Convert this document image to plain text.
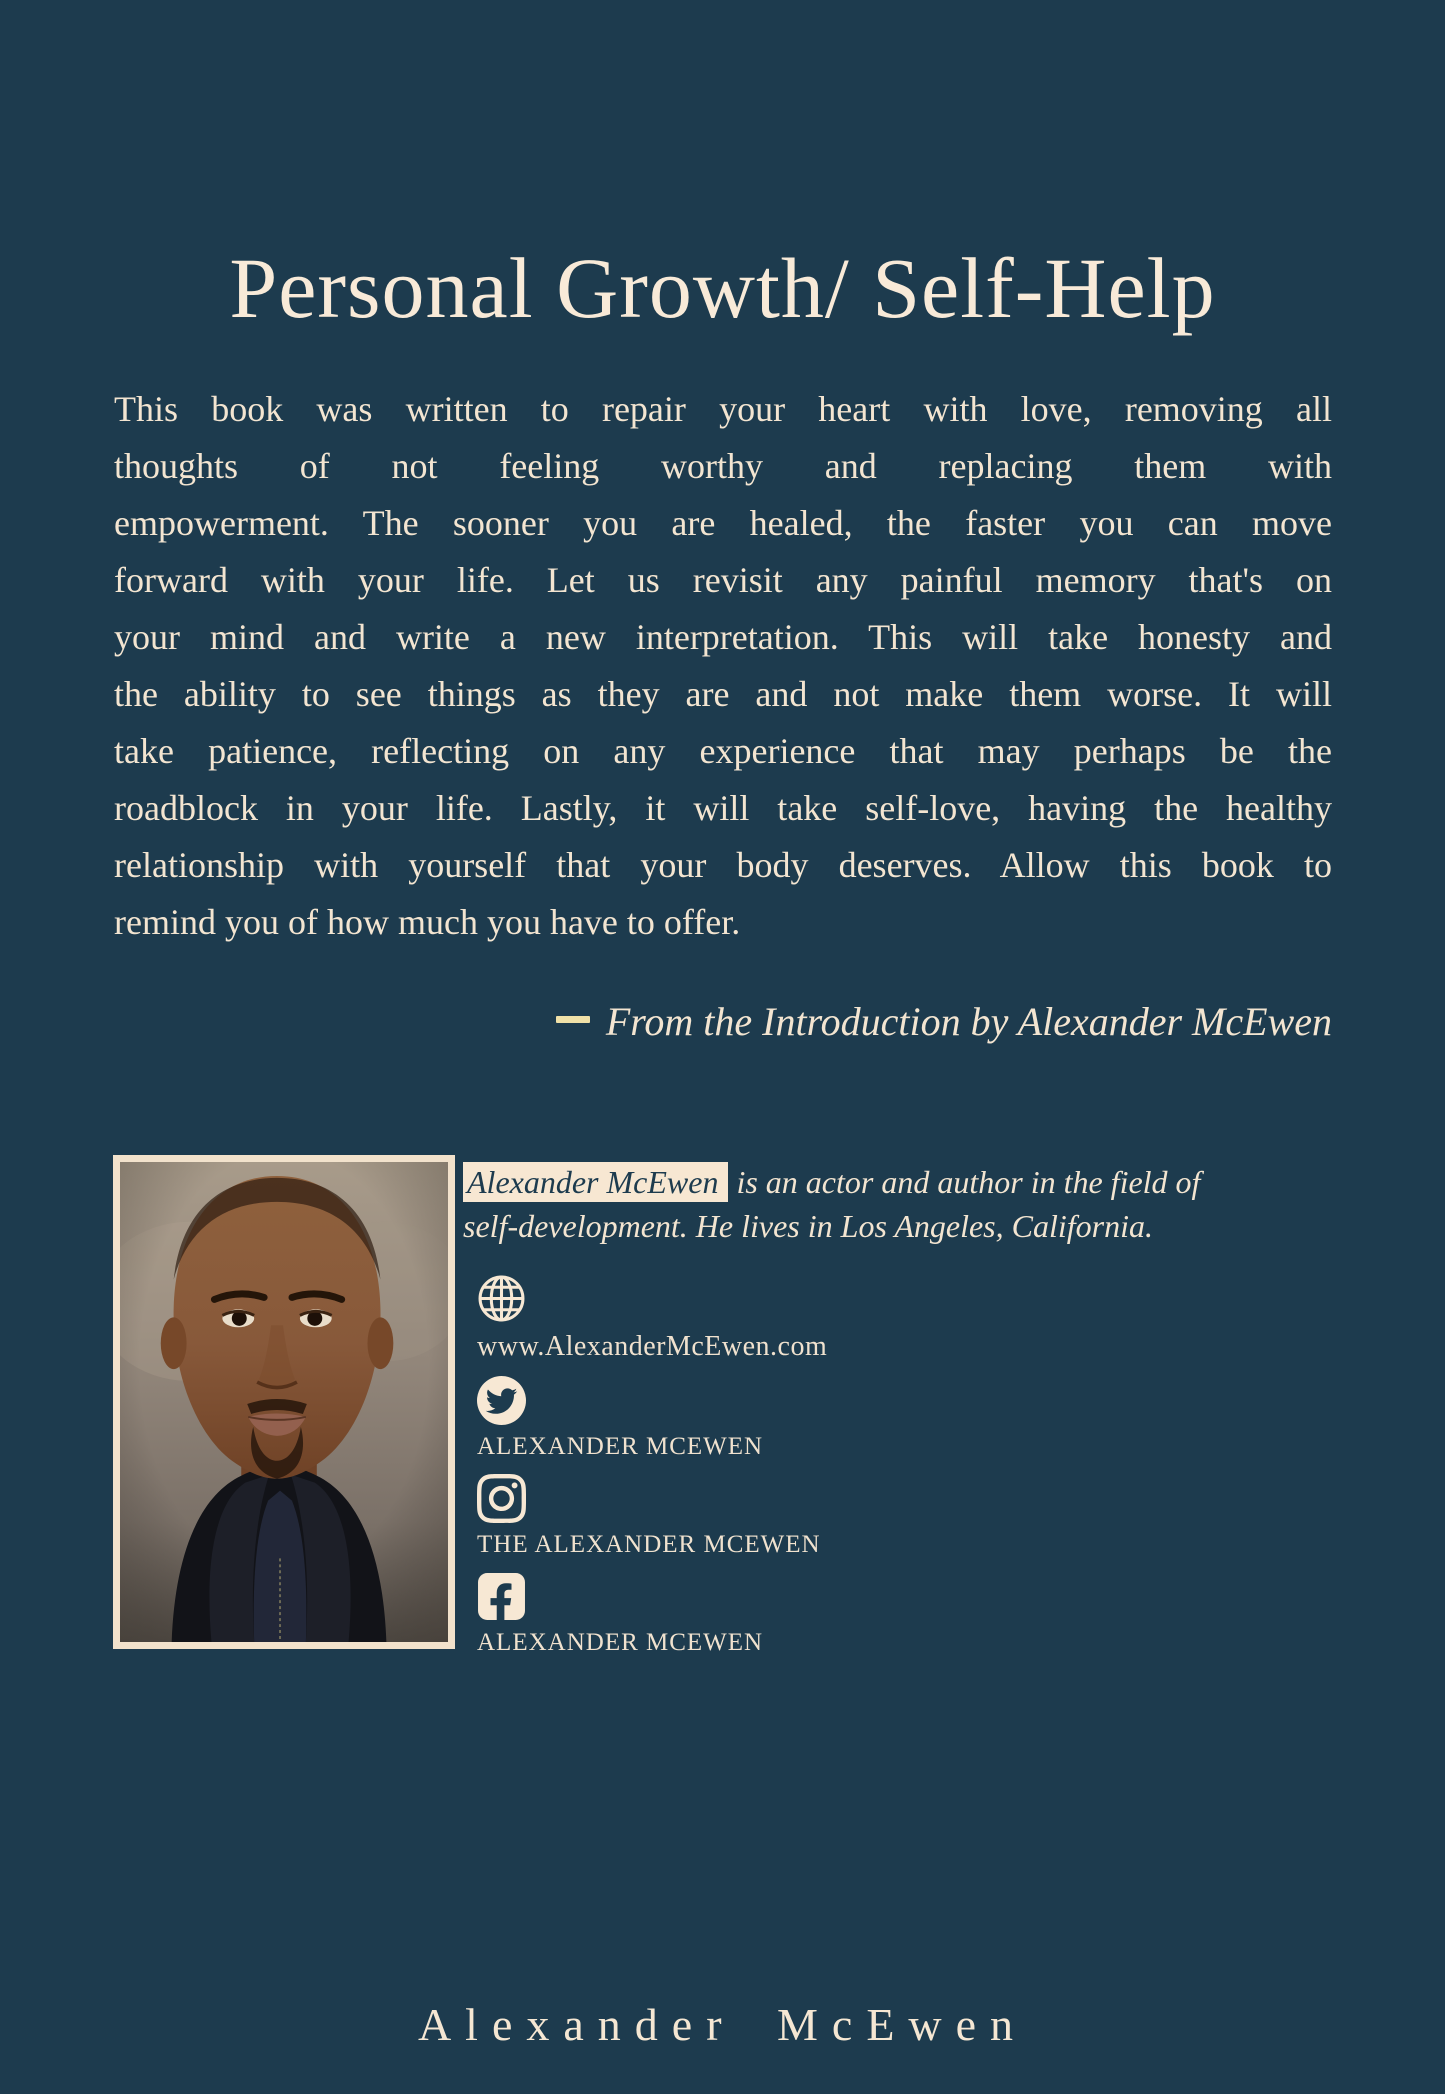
Personal Growth/ Self-Help
This book was written to repair your heart with love, removing all
thoughts of not feeling worthy and replacing them with
empowerment. The sooner you are healed, the faster you can move
forward with your life. Let us revisit any painful memory that's on
your mind and write a new interpretation. This will take honesty and
the ability to see things as they are and not make them worse. It will
take patience, reflecting on any experience that may perhaps be the
roadblock in your life. Lastly, it will take self-love, having the healthy
relationship with yourself that your body deserves. Allow this book to
remind you of how much you have to offer.
From the Introduction by Alexander McEwen
Alexander McEwen is an actor and author in the field of
self-development. He lives in Los Angeles, California.
www.AlexanderMcEwen.com
ALEXANDER MCEWEN
THE ALEXANDER MCEWEN
ALEXANDER MCEWEN
Alexander McEwen
